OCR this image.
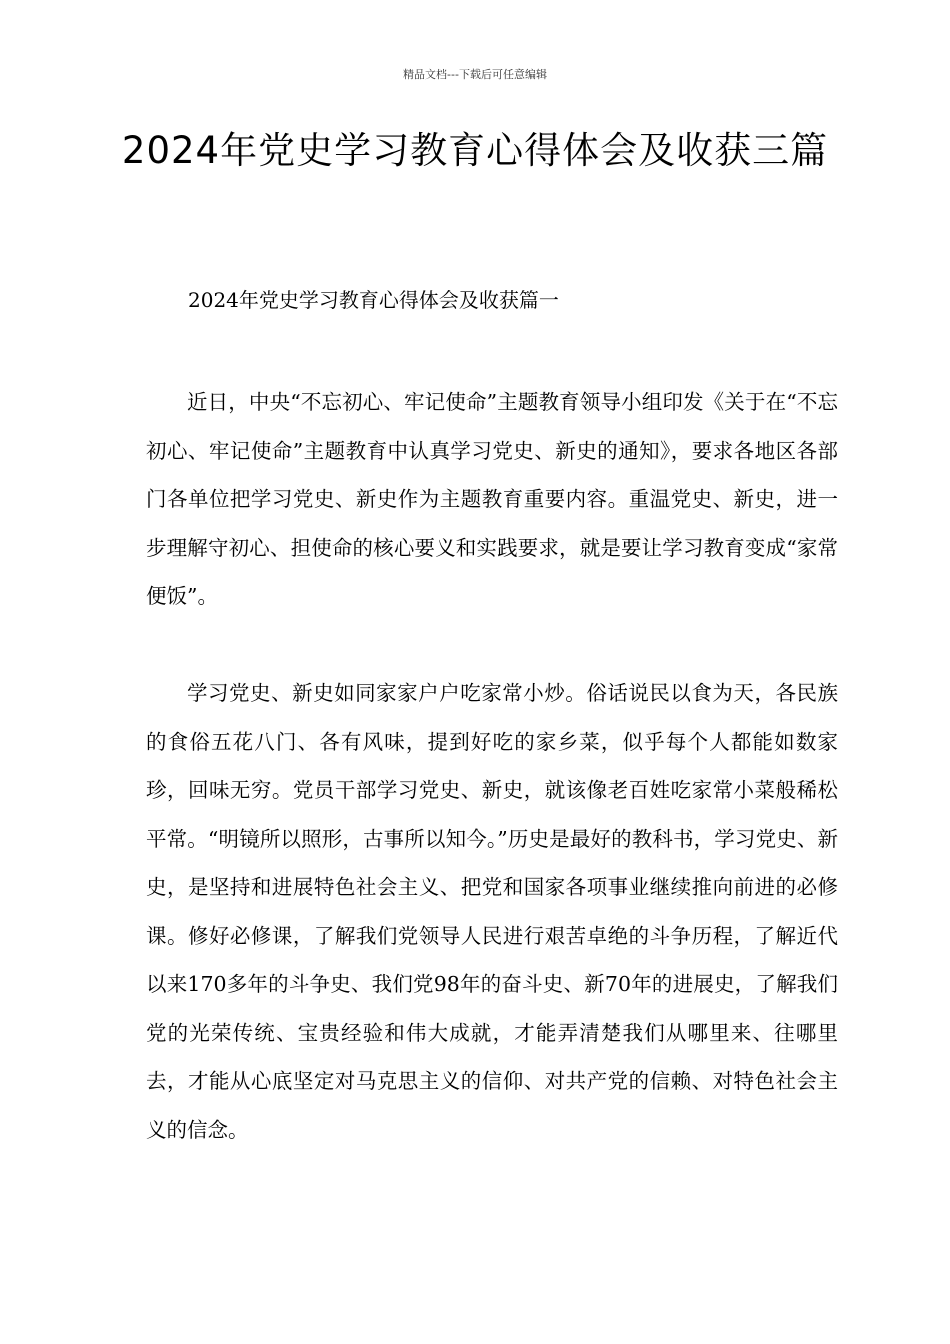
精品文档---下载后可任意编辑
2024年党史学习教育心得体会及收获三篇
2024年党史学习教育心得体会及收获篇一

近日，中央“不忘初心、牢记使命”主题教育领导小组印发《关于在“不忘初心、牢记使命”主题教育中认真学习党史、新史的通知》，要求各地区各部门各单位把学习党史、新史作为主题教育重要内容。重温党史、新史，进一步理解守初心、担使命的核心要义和实践要求，就是要让学习教育变成“家常便饭”。

学习党史、新史如同家家户户吃家常小炒。俗话说民以食为天，各民族的食俗五花八门、各有风味，提到好吃的家乡菜，似乎每个人都能如数家珍，回味无穷。党员干部学习党史、新史，就该像老百姓吃家常小菜般稀松平常。“明镜所以照形，古事所以知今。”历史是最好的教科书，学习党史、新史，是坚持和进展特色社会主义、把党和国家各项事业继续推向前进的必修课。修好必修课，了解我们党领导人民进行艰苦卓绝的斗争历程，了解近代以来170多年的斗争史、我们党98年的奋斗史、新70年的进展史，了解我们党的光荣传统、宝贵经验和伟大成就，才能弄清楚我们从哪里来、往哪里去，才能从心底坚定对马克思主义的信仰、对共产党的信赖、对特色社会主义的信念。
